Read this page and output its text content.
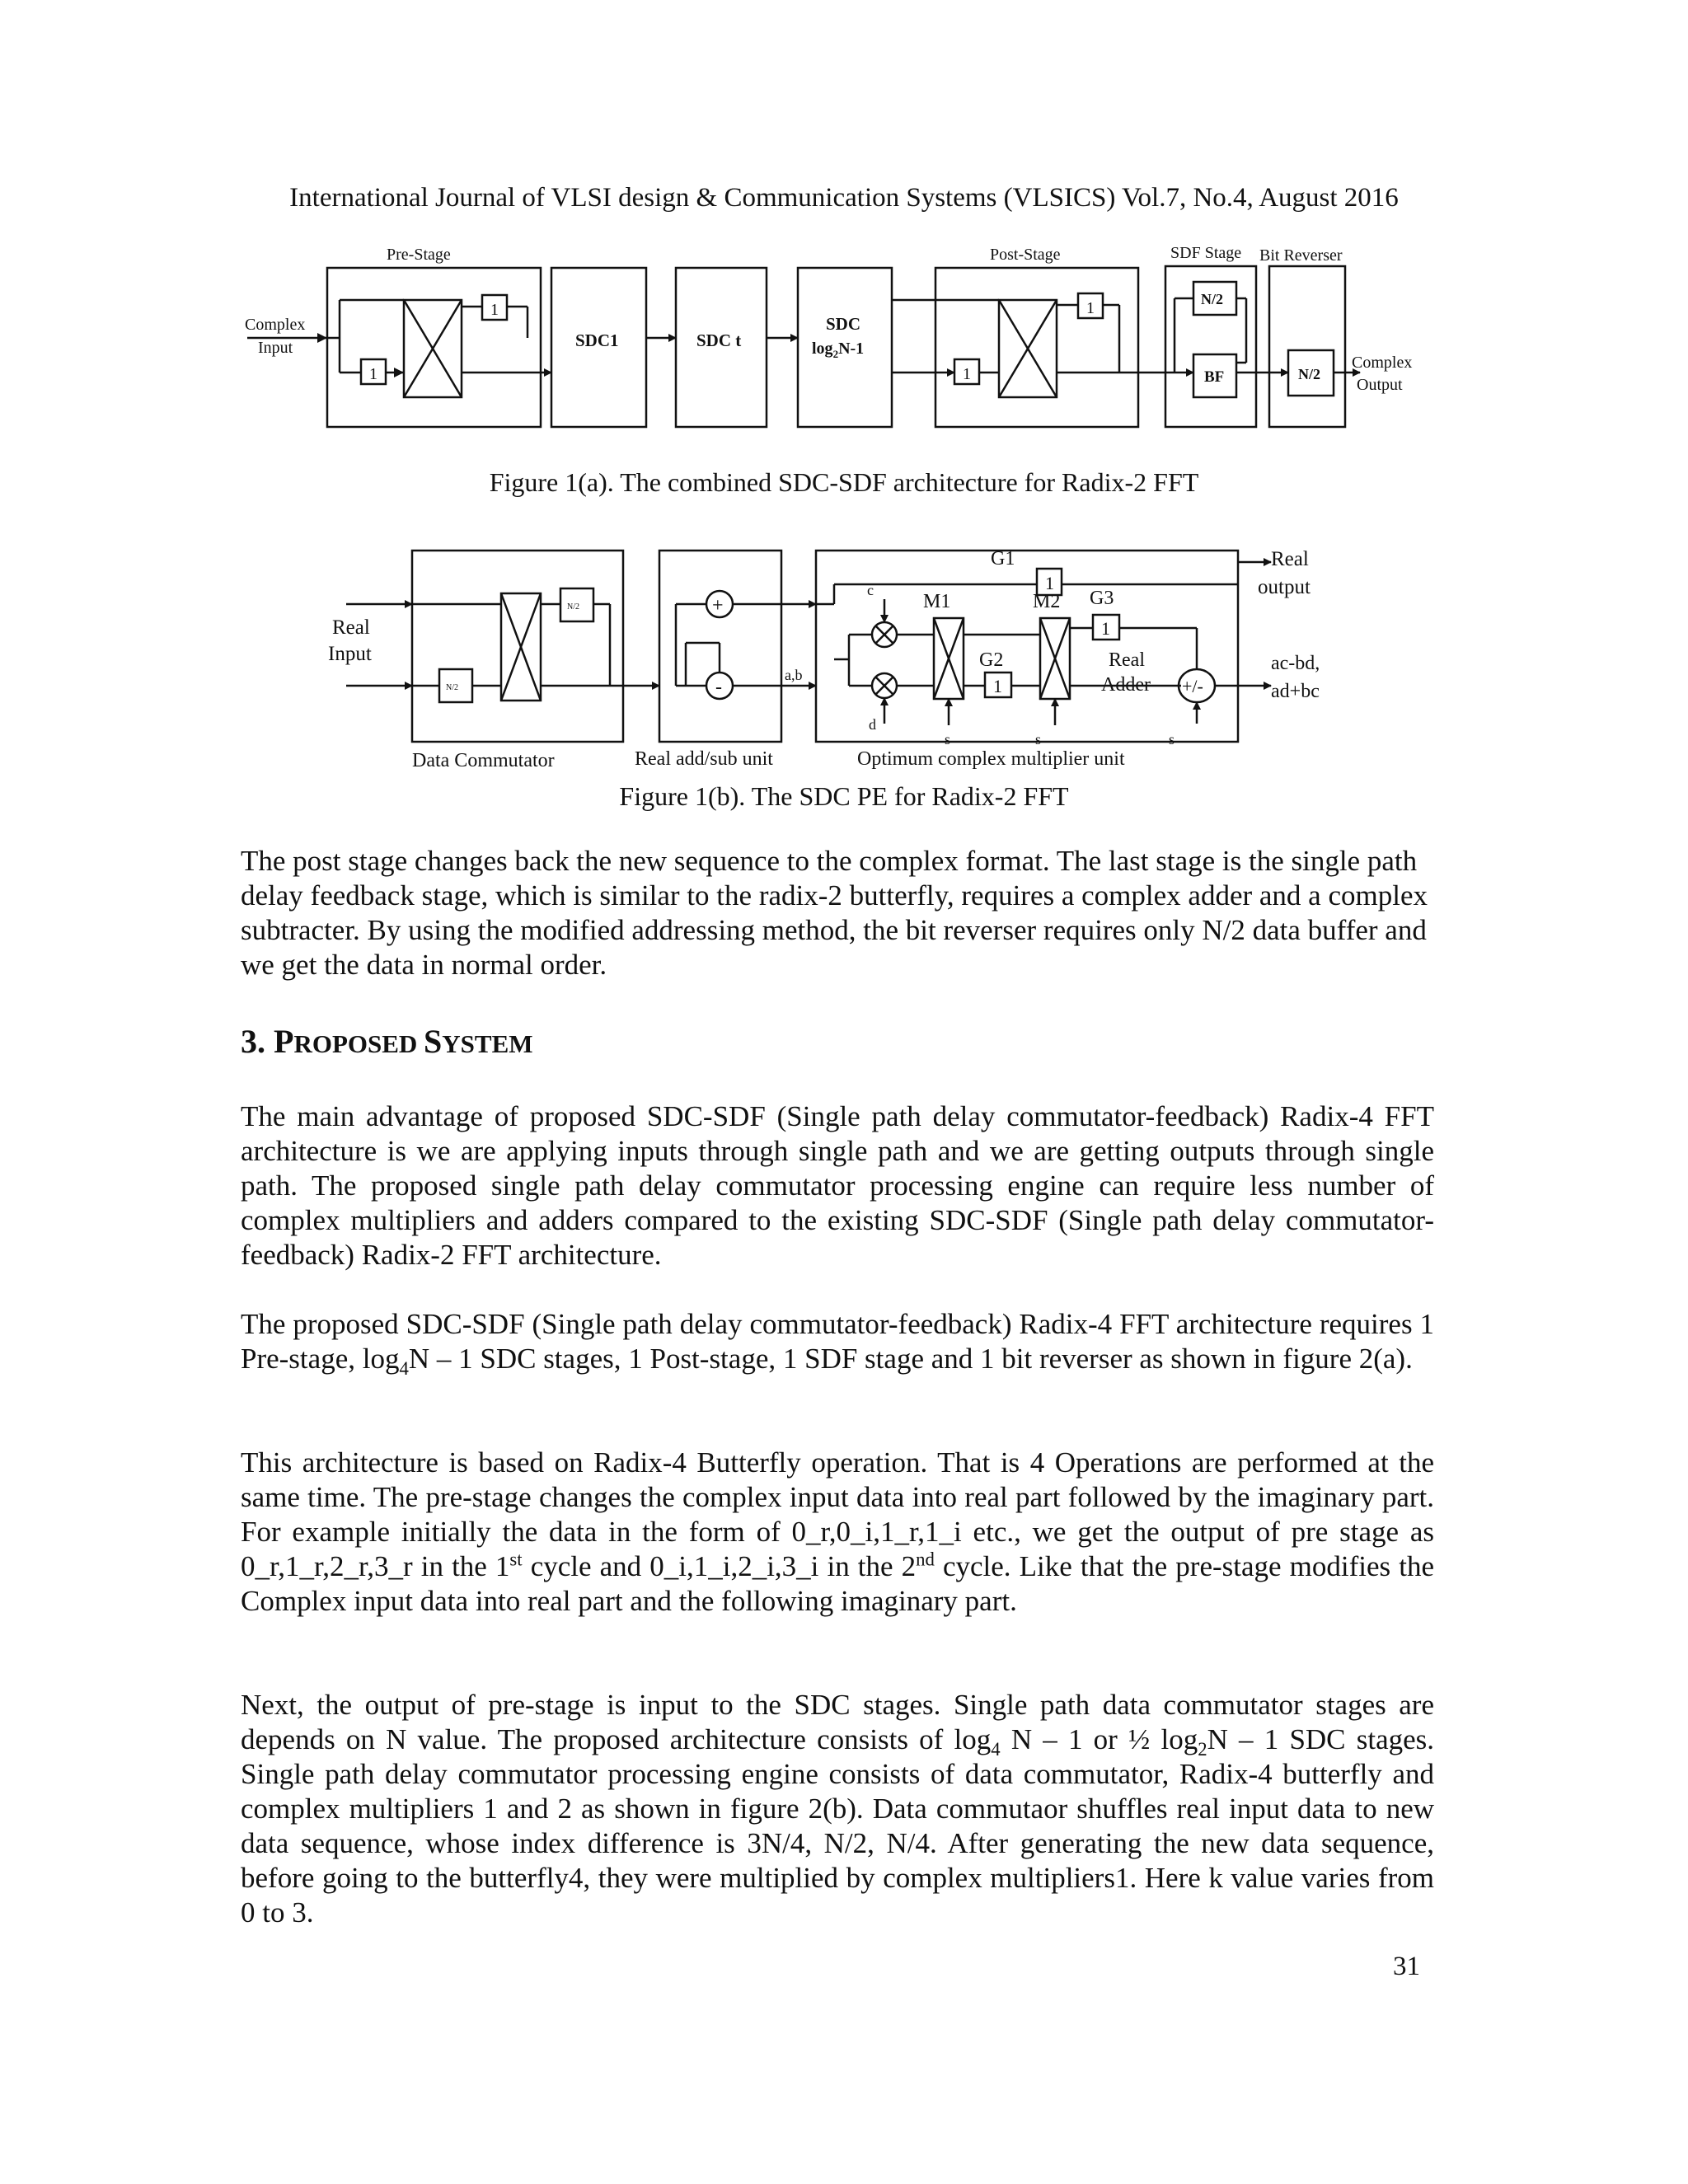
International Journal of VLSI design & Communication Systems (VLSICS) Vol.7, No.4, August 2016
Pre-Stage	Post-Stage	SDF Stage Bit Reverser
Complex
Input
1
1
SDC1	SDC t
SDC
$\log_2N-1$
1
1
N/2
BF	N/2
Complex
Output
Figure 1(a). The combined SDC-SDF architecture for Radix-2 FFT
Real
Input
N/2
N/2
+
-
a,b
c
d
G1
1
M1	M2 G3
1
G2
1
s	s	s
Real
Adder +/-
Real
output
ac-bd,
ad+bc
Data Commutator	Real add/sub unit	Optimum complex multiplier unit
Figure 1(b). The SDC PE for Radix-2 FFT

The post stage changes back the new sequence to the complex format. The last stage is the single path delay feedback stage, which is similar to the radix-2 butterfly, requires a complex adder and a complex subtracter. By using the modified addressing method, the bit reverser requires only N/2 data buffer and we get the data in normal order.

3. PROPOSED SYSTEM

The main advantage of proposed SDC-SDF (Single path delay commutator-feedback) Radix-4 FFT architecture is we are applying inputs through single path and we are getting outputs through single path. The proposed single path delay commutator processing engine can require less number of complex multipliers and adders compared to the existing SDC-SDF (Single path delay commutator-feedback) Radix-2 FFT architecture.

The proposed SDC-SDF (Single path delay commutator-feedback) Radix-4 FFT architecture requires 1 Pre-stage, $\log_4N - 1$ SDC stages, 1 Post-stage, 1 SDF stage and 1 bit reverser as shown in figure 2(a).

This architecture is based on Radix-4 Butterfly operation. That is 4 Operations are performed at the same time. The pre-stage changes the complex input data into real part followed by the imaginary part. For example initially the data in the form of 0_r,0_i,1_r,1_i etc., we get the output of pre stage as 0_r,1_r,2_r,3_r in the 1st cycle and 0_i,1_i,2_i,3_i in the 2nd cycle. Like that the pre-stage modifies the Complex input data into real part and the following imaginary part.

Next, the output of pre-stage is input to the SDC stages. Single path data commutator stages are depends on N value. The proposed architecture consists of $\log_4 N - 1$ or ½ $\log_2N - 1$ SDC stages. Single path delay commutator processing engine consists of data commutator, Radix-4 butterfly and complex multipliers 1 and 2 as shown in figure 2(b). Data commutaor shuffles real input data to new data sequence, whose index difference is 3N/4, N/2, N/4. After generating the new data sequence, before going to the butterfly4, they were multiplied by complex multipliers1. Here k value varies from 0 to 3.

31
